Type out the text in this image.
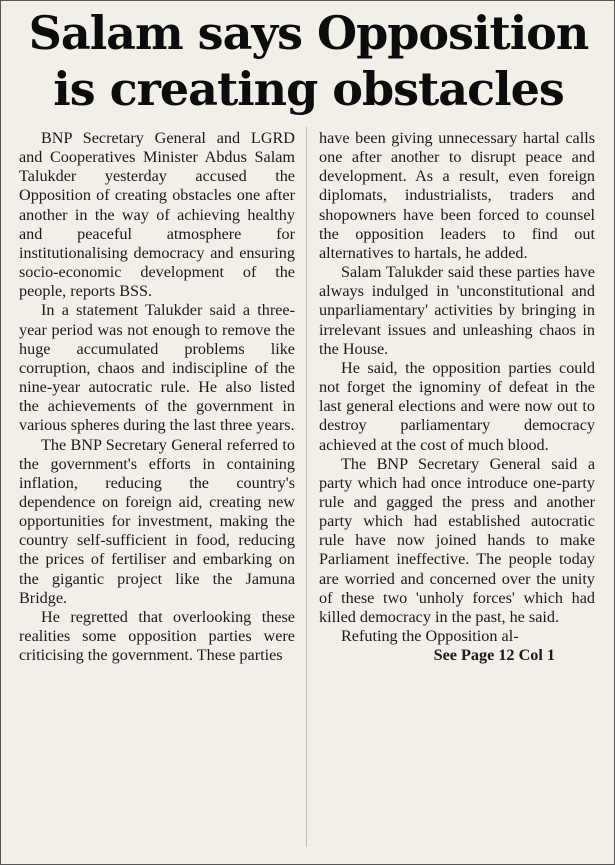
Salam says Opposition
is creating obstacles

BNP Secretary General and LGRD and Cooperatives Minister Abdus Salam Talukder yesterday accused the Opposition of creating obstacles one after another in the way of achieving healthy and peaceful atmosphere for institutionalising democracy and ensuring socio-economic development of the people, reports BSS.

In a statement Talukder said a three-year period was not enough to remove the huge accumulated problems like corruption, chaos and indiscipline of the nine-year autocratic rule. He also listed the achievements of the government in various spheres during the last three years.

The BNP Secretary General referred to the government's efforts in containing inflation, reducing the country's dependence on foreign aid, creating new opportunities for investment, making the country self-sufficient in food, reducing the prices of fertiliser and embarking on the gigantic project like the Jamuna Bridge.

He regretted that overlooking these realities some opposition parties were criticising the government. These parties

have been giving unnecessary hartal calls one after another to disrupt peace and development. As a result, even foreign diplomats, industrialists, traders and shopowners have been forced to counsel the opposition leaders to find out alternatives to hartals, he added.

Salam Talukder said these parties have always indulged in 'unconstitutional and unparliamentary' activities by bringing in irrelevant issues and unleashing chaos in the House.

He said, the opposition parties could not forget the ignominy of defeat in the last general elections and were now out to destroy parliamentary democracy achieved at the cost of much blood.

The BNP Secretary General said a party which had once introduce one-party rule and gagged the press and another party which had established autocratic rule have now joined hands to make Parliament ineffective. The people today are worried and concerned over the unity of these two 'unholy forces' which had killed democracy in the past, he said.

Refuting the Opposition al-

See Page 12 Col 1
